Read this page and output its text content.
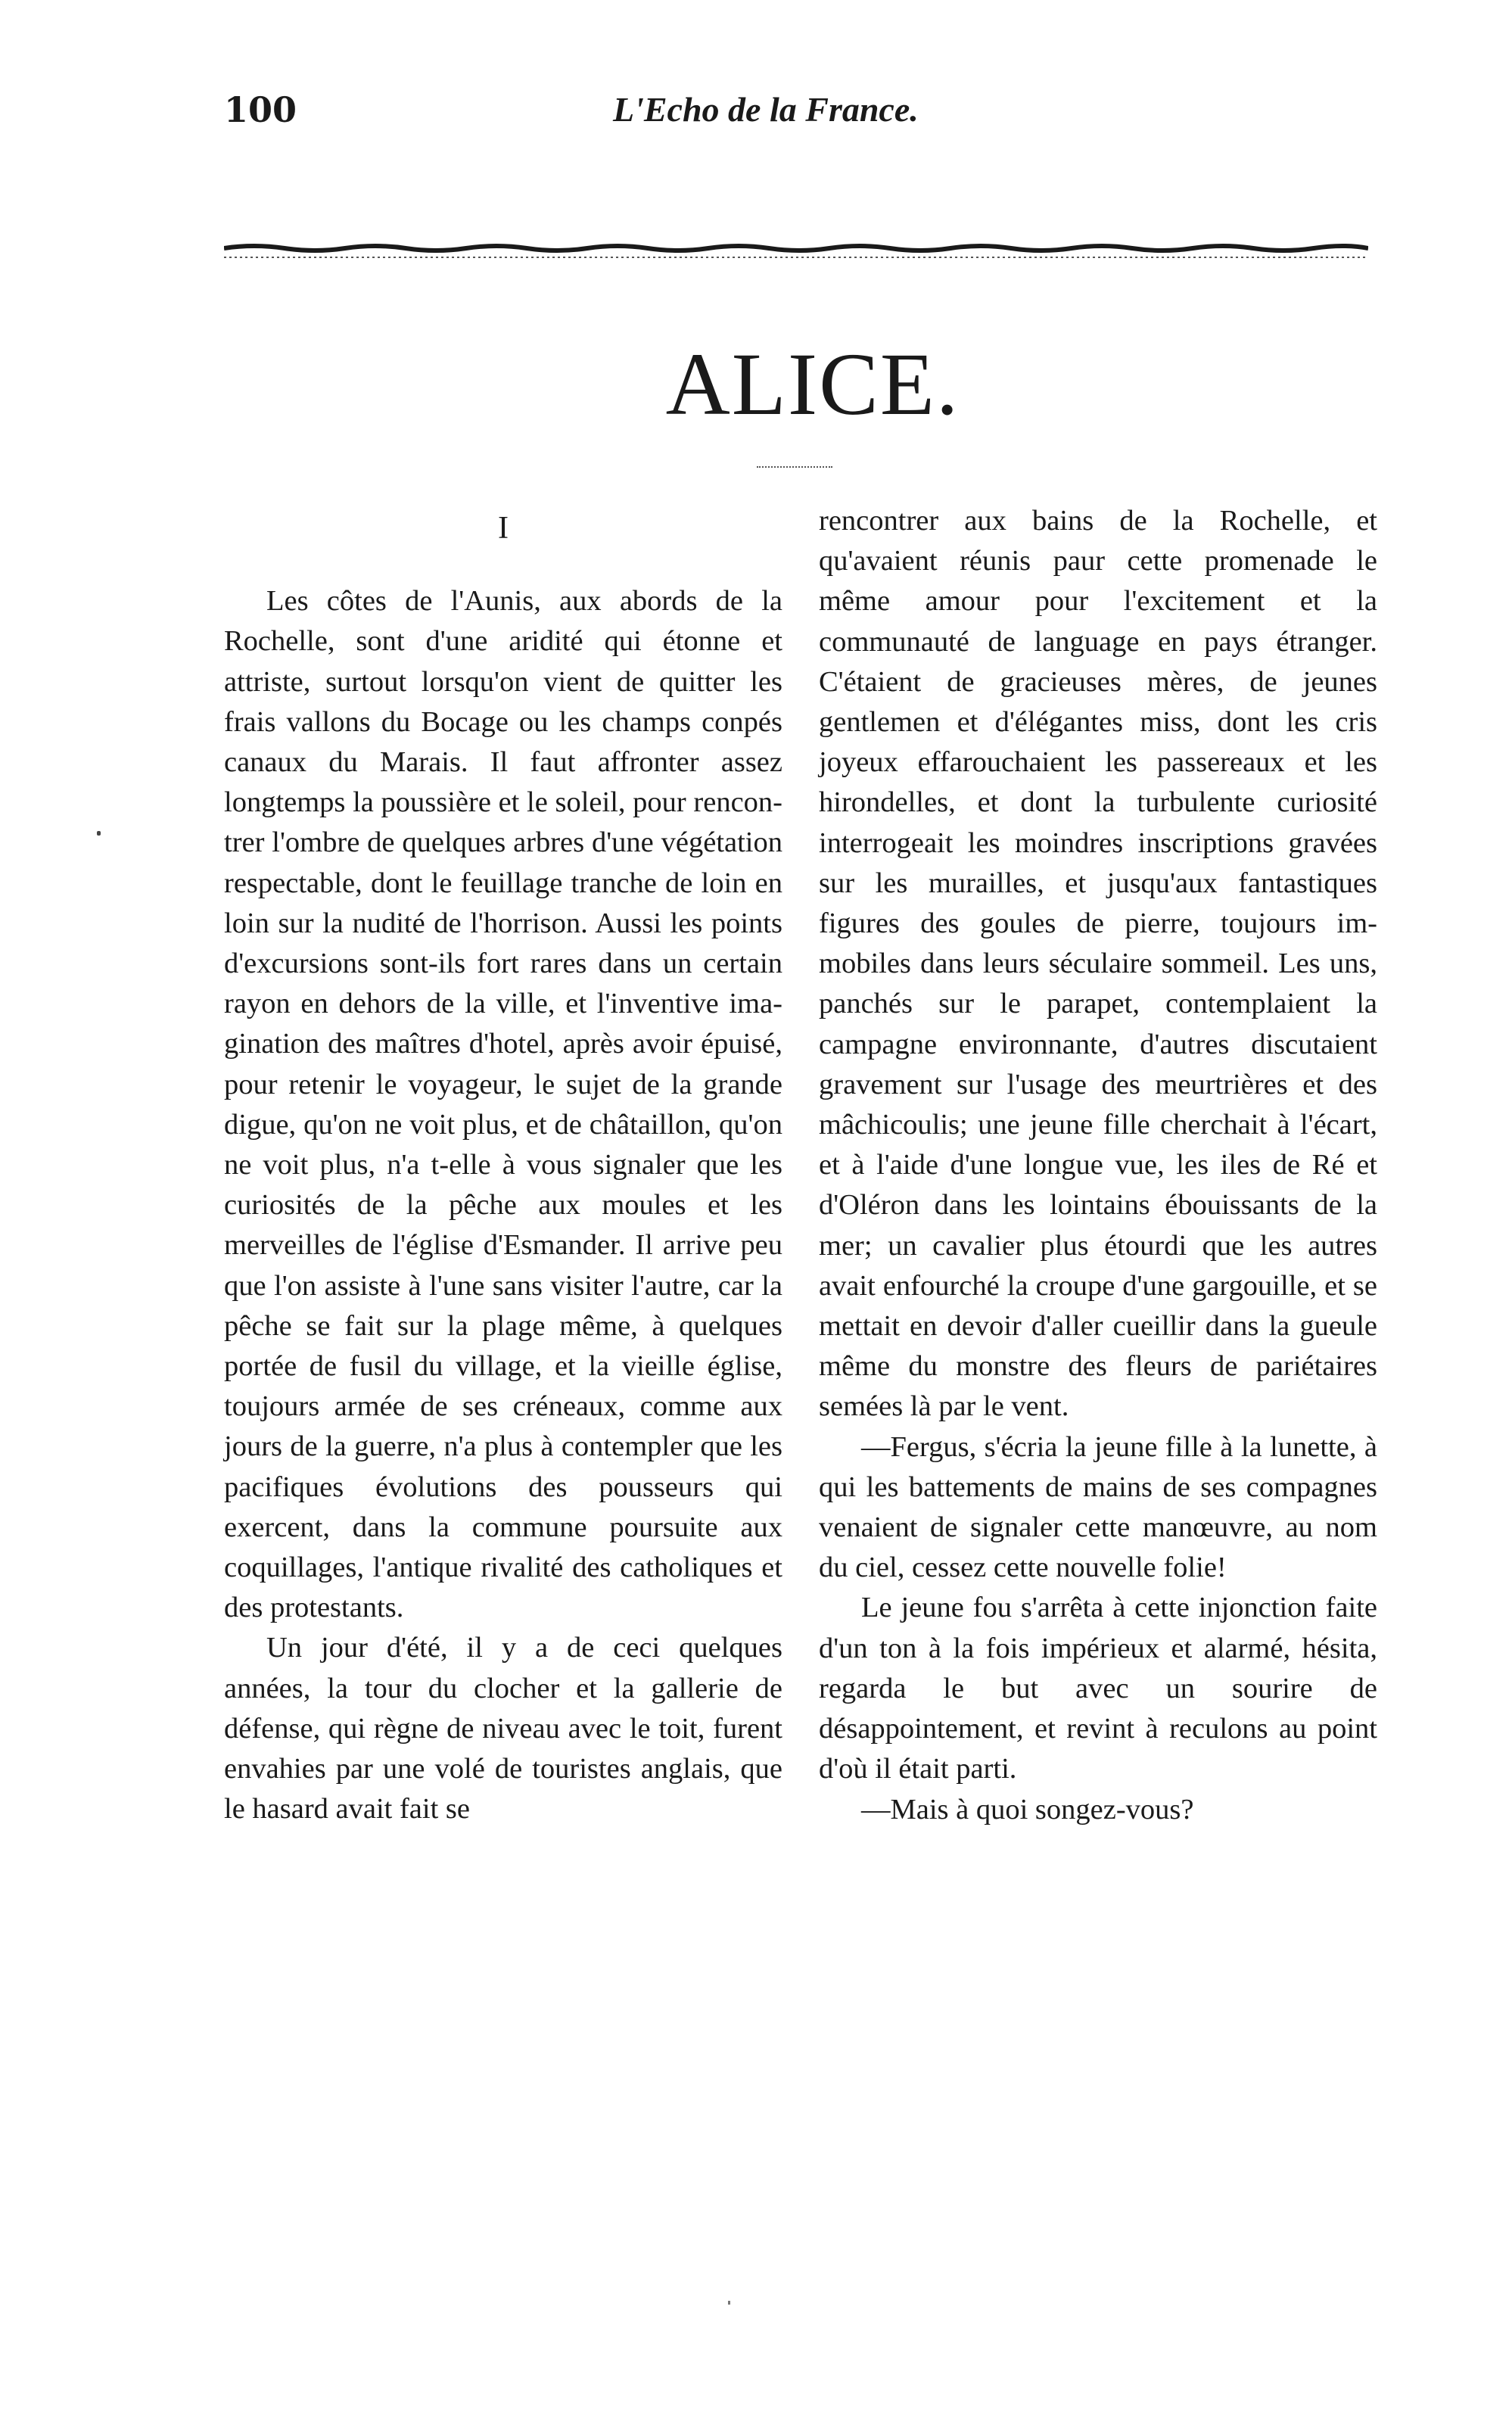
100	L'Echo de la France.
ALICE.
I

Les côtes de l'Aunis, aux abords de la Rochelle, sont d'une aridité qui étonne et attriste, surtout lorsqu'on vient de quitter les frais vallons du Bocage ou les champs conpés canaux du Marais. Il faut affronter assez longtemps la poussière et le soleil, pour rencontrer l'ombre de quelques arbres d'une végétation respectable, dont le feuillage tranche de loin en loin sur la nudité de l'horrison. Aussi les points d'excursions sont-ils fort rares dans un certain rayon en dehors de la ville, et l'inventive imagination des maîtres d'hotel, après avoir épuisé, pour retenir le voyageur, le sujet de la grande digue, qu'on ne voit plus, et de châtaillon, qu'on ne voit plus, n'a t-elle à vous signaler que les curiosités de la pêche aux moules et les merveilles de l'église d'Esmander. Il arrive peu que l'on assiste à l'une sans visiter l'autre, car la pêche se fait sur la plage même, à quelques portée de fusil du village, et la vieille église, toujours armée de ses créneaux, comme aux jours de la guerre, n'a plus à contempler que les pacifiques évolutions des pousseurs qui exercent, dans la commune poursuite aux coquillages, l'antique rivalité des catholiques et des protestants.

Un jour d'été, il y a de ceci quelques années, la tour du clocher et la gallerie de défense, qui règne de niveau avec le toit, furent envahies par une volé de touristes anglais, que le hasard avait fait se

rencontrer aux bains de la Rochelle, et qu'avaient réunis paur cette promenade le même amour pour l'excitement et la communauté de language en pays étranger. C'étaient de gracieuses mères, de jeunes gentlemen et d'élégantes miss, dont les cris joyeux effarouchaient les passereaux et les hirondelles, et dont la turbulente curiosité interrogeait les moindres inscriptions gravées sur les murailles, et jusqu'aux fantastiques figures des goules de pierre, toujours immobiles dans leurs séculaire sommeil. Les uns, panchés sur le parapet, contemplaient la campagne environnante, d'autres discutaient gravement sur l'usage des meurtrières et des mâchicoulis; une jeune fille cherchait à l'écart, et à l'aide d'une longue vue, les iles de Ré et d'Oléron dans les lointains ébouissants de la mer; un cavalier plus étourdi que les autres avait enfourché la croupe d'une gargouille, et se mettait en devoir d'aller cueillir dans la gueule même du monstre des fleurs de pariétaires semées là par le vent.

—Fergus, s'écria la jeune fille à la lunette, à qui les battements de mains de ses compagnes venaient de signaler cette manœuvre, au nom du ciel, cessez cette nouvelle folie!

Le jeune fou s'arrêta à cette injonction faite d'un ton à la fois impérieux et alarmé, hésita, regarda le but avec un sourire de désappointement, et revint à reculons au point d'où il était parti.

—Mais à quoi songez-vous?
